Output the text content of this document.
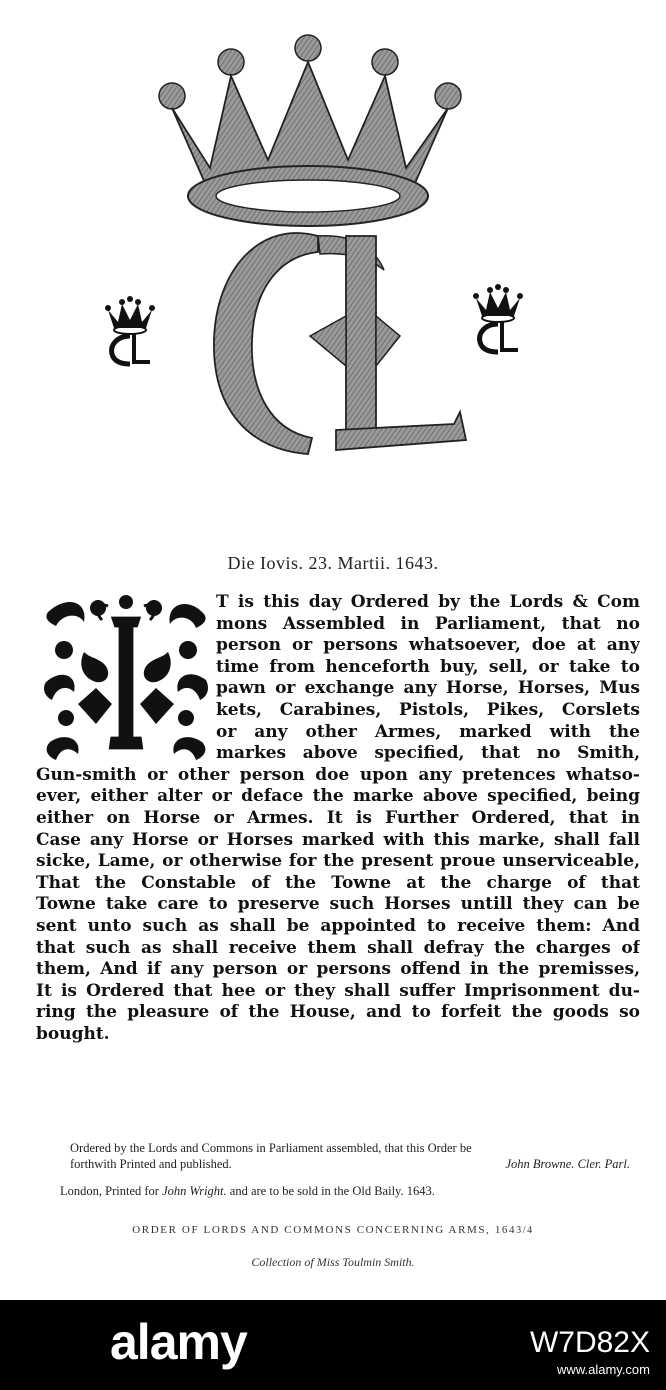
Die Iovis. 23. Martii. 1643.
T is this day Ordered by the Lords & Com
mons Assembled in Parliament, that no
person or persons whatsoever, doe at any
time from henceforth buy, sell, or take to
pawn or exchange any Horse, Horses, Mus
kets, Carabines, Pistols, Pikes, Corslets
or any other Armes, marked with the
markes above specified, that no Smith,
Gun-smith or other person doe upon any pretences whatso-
ever, either alter or deface the marke above specified, being
either on Horse or Armes. It is Further Ordered, that in
Case any Horse or Horses marked with this marke, shall fall
sicke, Lame, or otherwise for the present proue unserviceable,
That the Constable of the Towne at the charge of that
Towne take care to preserve such Horses untill they can be
sent unto such as shall be appointed to receive them: And
that such as shall receive them shall defray the charges of
them, And if any person or persons offend in the premisses,
It is Ordered that hee or they shall suffer Imprisonment du-
ring the pleasure of the House, and to forfeit the goods so
bought.
Ordered by the Lords and Commons in Parliament assembled, that this Order be
forthwith Printed and published.	John Browne. Cler. Parl.
London, Printed for John Wright. and are to be sold in the Old Baily. 1643.
ORDER OF LORDS AND COMMONS CONCERNING ARMS, 1643/4
Collection of Miss Toulmin Smith.
alamy	W7D82X
www.alamy.com
